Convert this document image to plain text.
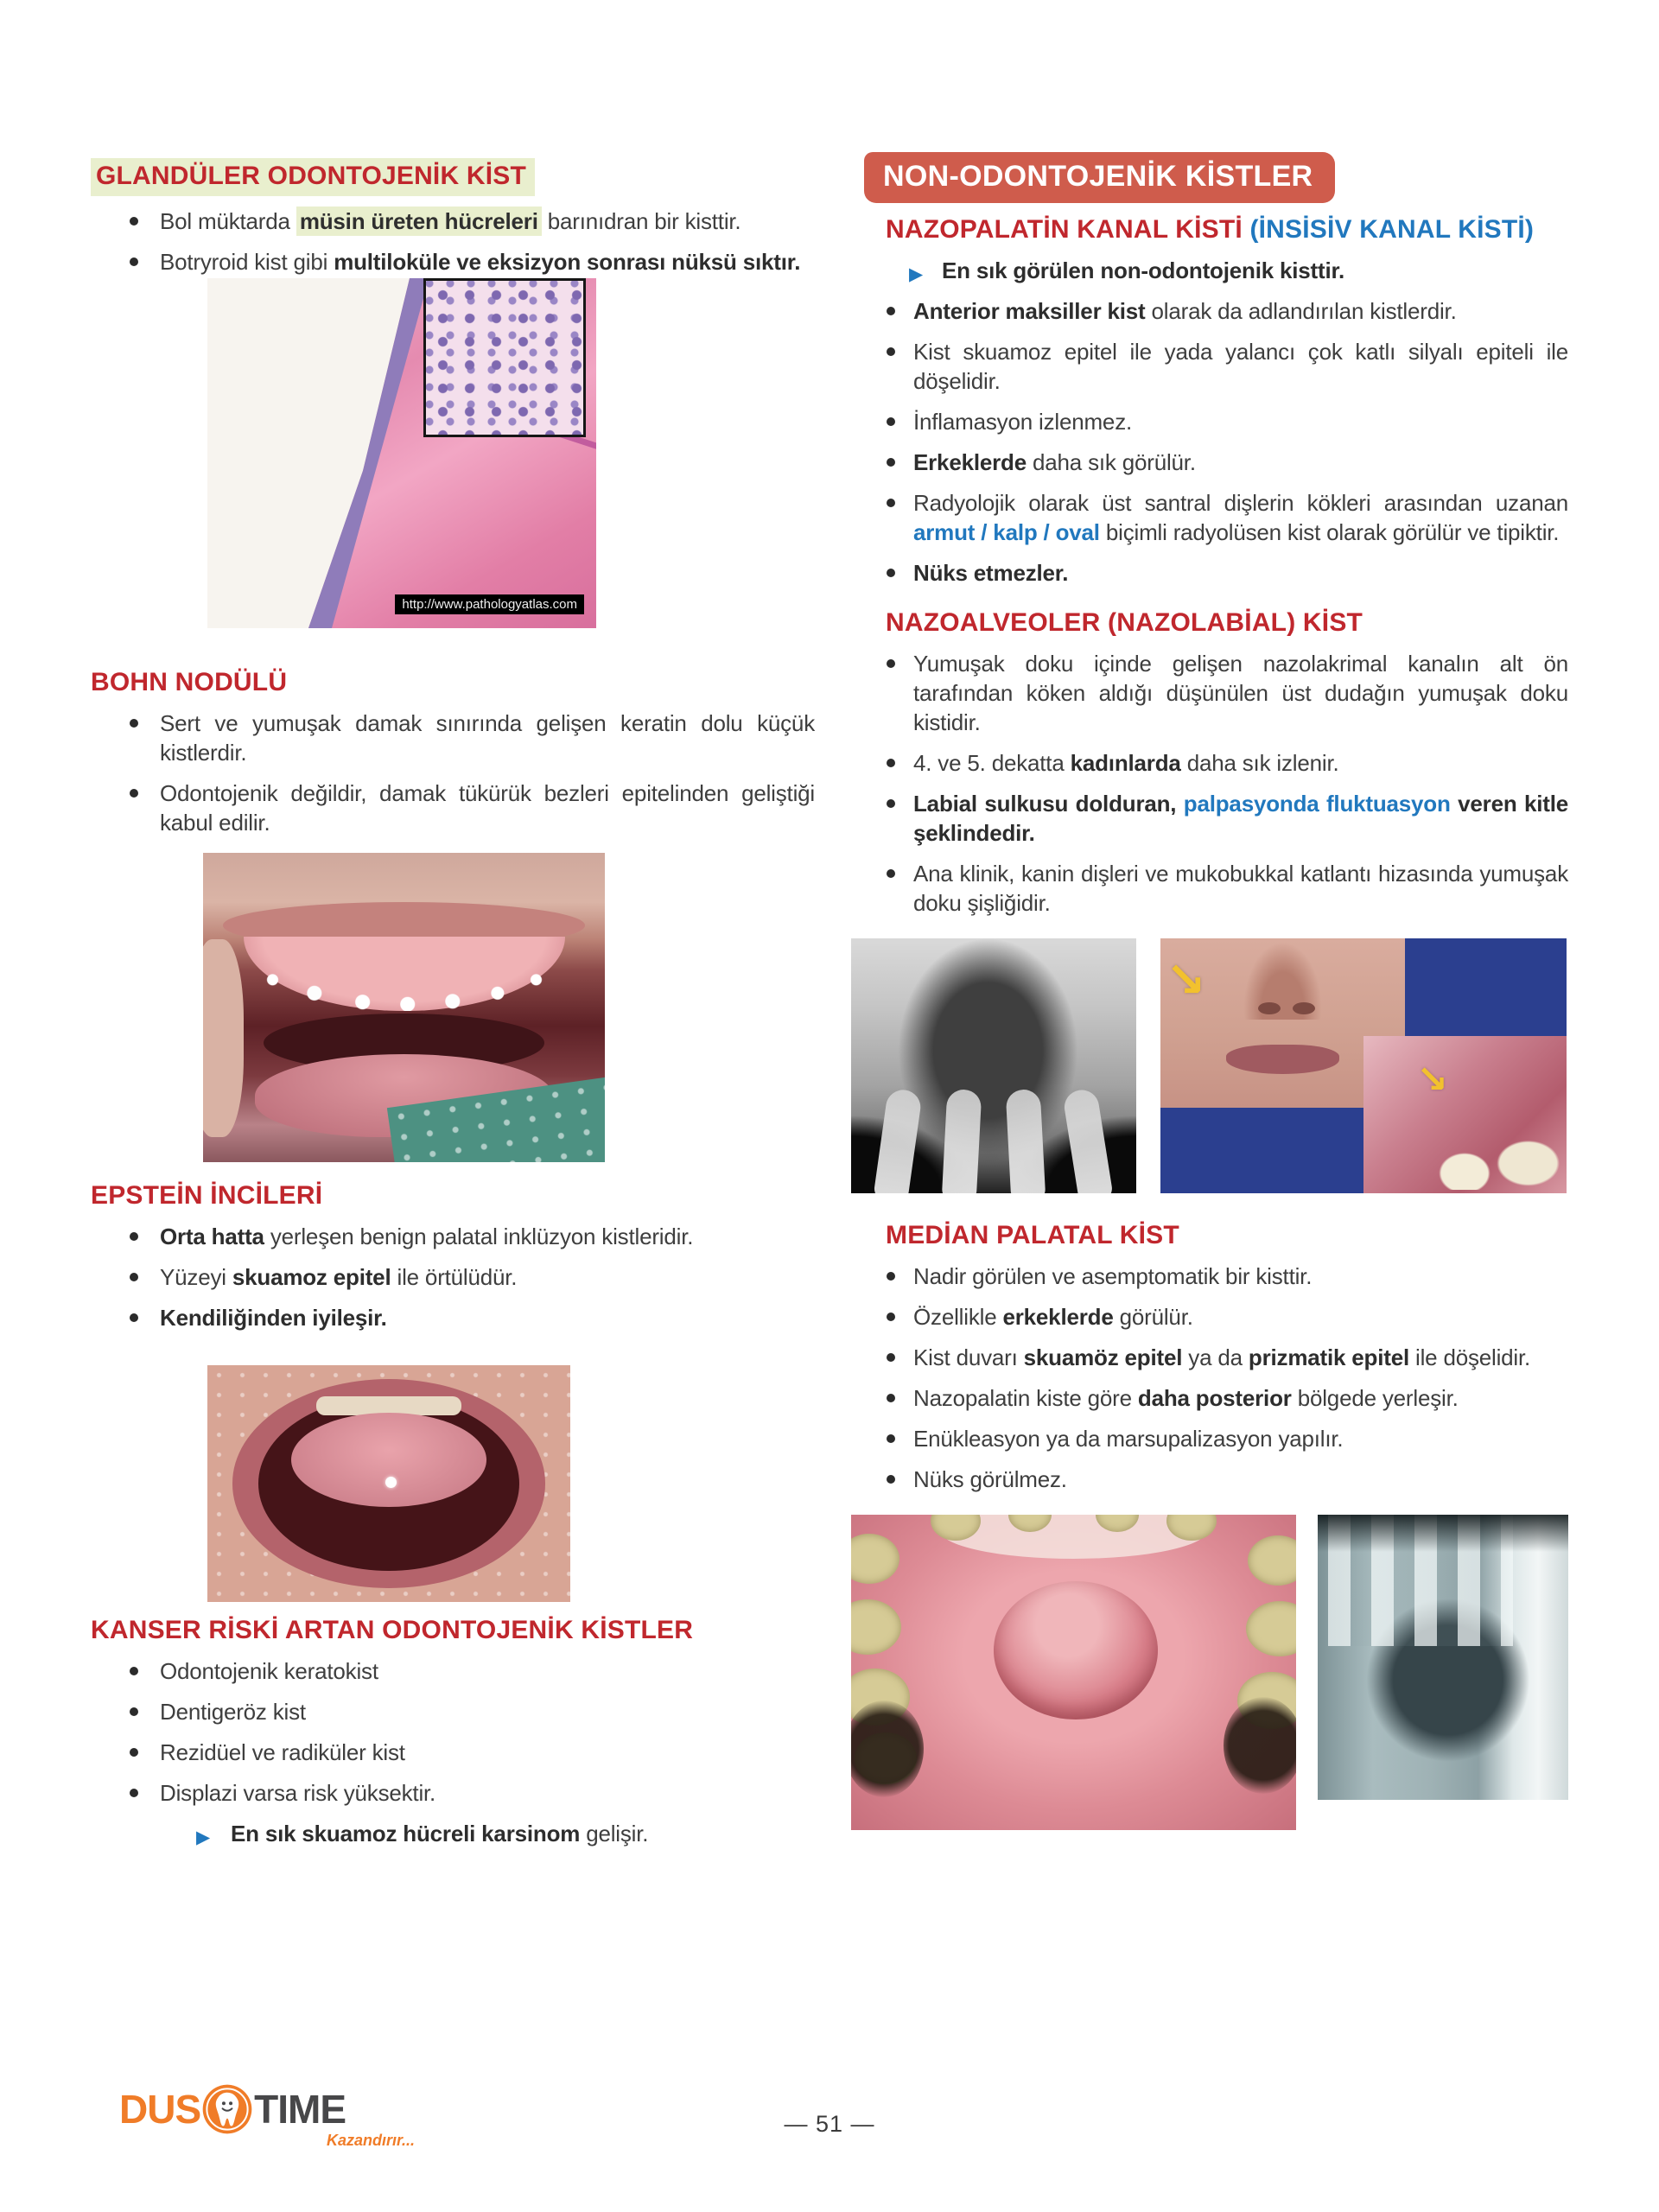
GLANDÜLER ODONTOJENİK KİST
Bol müktarda müsin üreten hücreleri barınıdran bir kisttir.
Botryroid kist gibi multiloküle ve eksizyon sonrası nüksü sıktır.
http://www.pathologyatlas.com
BOHN NODÜLÜ
Sert ve yumuşak damak sınırında gelişen keratin dolu küçük kistlerdir.
Odontojenik değildir, damak tükürük bezleri epitelinden geliştiği kabul edilir.
EPSTEİN İNCİLERİ
Orta hatta yerleşen benign palatal inklüzyon kistleridir.
Yüzeyi skuamoz epitel ile örtülüdür.
Kendiliğinden iyileşir.
KANSER RİSKİ ARTAN ODONTOJENİK KİSTLER
Odontojenik keratokist
Dentigeröz kist
Rezidüel ve radiküler kist
Displazi varsa risk yüksektir.
▶ En sık skuamoz hücreli karsinom gelişir.
NON-ODONTOJENİK KİSTLER
NAZOPALATİN KANAL KİSTİ (İNSİSİV KANAL KİSTİ)
▶ En sık görülen non-odontojenik kisttir.
Anterior maksiller kist olarak da adlandırılan kistlerdir.
Kist skuamoz epitel ile yada yalancı çok katlı silyalı epiteli ile döşelidir.
İnflamasyon izlenmez.
Erkeklerde daha sık görülür.
Radyolojik olarak üst santral dişlerin kökleri arasından uzanan armut / kalp / oval biçimli radyolüsen kist olarak görülür ve tipiktir.
Nüks etmezler.
NAZOALVEOLER (NAZOLABİAL) KİST
Yumuşak doku içinde gelişen nazolakrimal kanalın alt ön tarafından köken aldığı düşünülen üst dudağın yumuşak doku kistidir.
4. ve 5. dekatta kadınlarda daha sık izlenir.
Labial sulkusu dolduran, palpasyonda fluktuasyon veren kitle şeklindedir.
Ana klinik, kanin dişleri ve mukobukkal katlantı hizasında yumuşak doku şişliğidir.
↘
↘
MEDİAN PALATAL KİST
Nadir görülen ve asemptomatik bir kisttir.
Özellikle erkeklerde görülür.
Kist duvarı skuamöz epitel ya da prizmatik epitel ile döşelidir.
Nazopalatin kiste göre daha posterior bölgede yerleşir.
Enükleasyon ya da marsupalizasyon yapılır.
Nüks görülmez.
DUS TIME
Kazandırır...
— 51 —
